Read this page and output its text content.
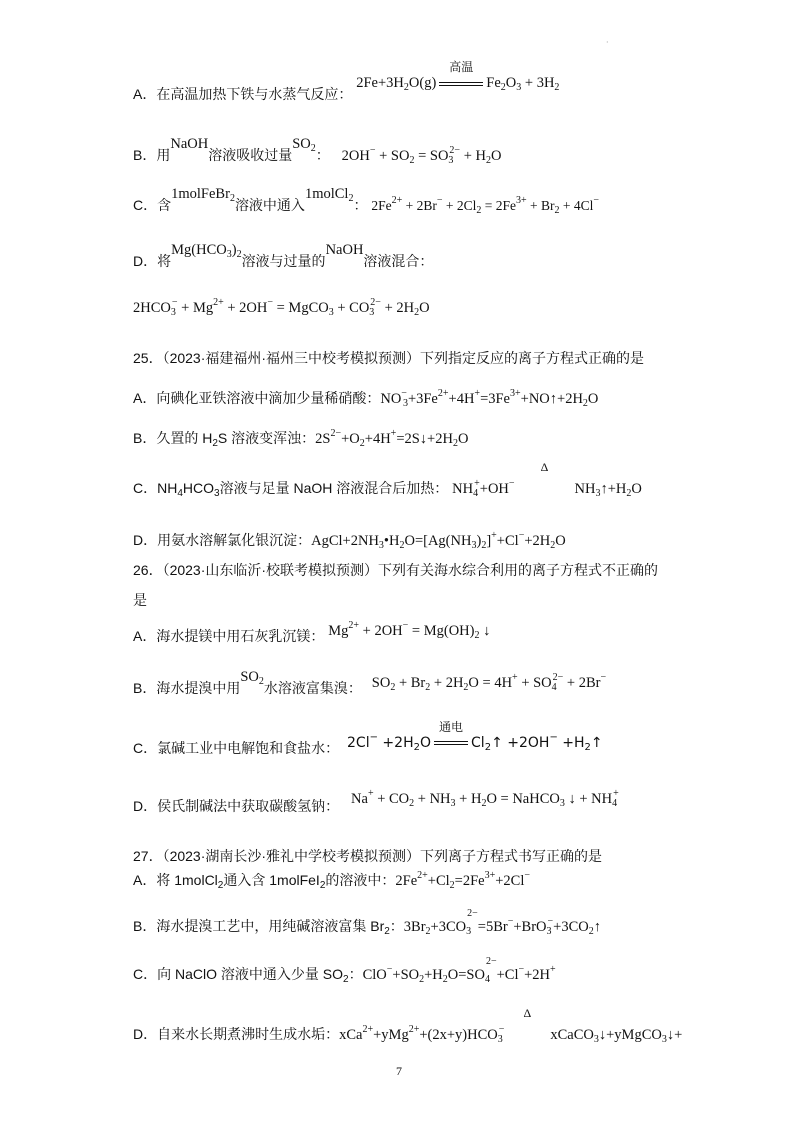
·
A．在高温加热下铁与水蒸气反应： $2Fe+3H_2O(g)$
高温
$Fe_2O_3 + 3H_2$
B．用NaOH溶液吸收过量$SO_2$： $2OH^- + SO_2 = SO_3^{2-} + H_2O$
C．含1molFeBr$_2$溶液中通入1molCl$_2$： $2Fe^{2+} + 2Br^- + 2Cl_2 = 2Fe^{3+} + Br_2 + 4Cl^-$
D．将$Mg(HCO_3)_2$溶液与过量的NaOH溶液混合：
$2HCO_3^- + Mg^{2+} + 2OH^-$ = MgCO$_3$ + $CO_3^{2-} + 2H_2O$
25．（2023·福建福州·福州三中校考模拟预测）下列指定反应的离子方程式正确的是
A．向碘化亚铁溶液中滴加少量稀硝酸：$NO^-_3+3Fe^{2+}+4H^+=3Fe^{3+}+NO↑+2H_2O$
B．久置的 $H_2S$ 溶液变浑浊：$2S^{2-}+O_2+4H^+=2S↓+2H_2O$
C．$NH_4HCO_3$溶液与足量 NaOH 溶液混合后加热： $NH_4^++OH^-$
Δ
$NH_3↑+H_2O$
D．用氨水溶解氯化银沉淀：$AgCl+2NH_3•H_2O=[Ag(NH_3)_2]^++Cl^-+2H_2O$
26．（2023·山东临沂·校联考模拟预测）下列有关海水综合利用的离子方程式不正确的
是
A．海水提镁中用石灰乳沉镁： $Mg^{2+} + 2OH^- = Mg(OH)_2$ ↓
B．海水提溴中用$SO_2$水溶液富集溴： $SO_2 + Br_2 + 2H_2O = 4H^+ + SO_4^{2-} + 2Br^-$
C．氯碱工业中电解饱和食盐水： $2Cl^- +2H_2O$
通电
$Cl_2↑ +2OH^-$ $+H_2↑$
D．侯氏制碱法中获取碳酸氢钠： $Na^+ + CO_2 + NH_3 + H_2O$ = NaHCO$_3$ ↓ + $NH_4^+$
27．（2023·湖南长沙·雅礼中学校考模拟预测）下列离子方程式书写正确的是
A．将 1molCl$_2$通入含 1molFeI$_2$的溶液中：$2Fe^{2+}+Cl_2=2Fe^{3+}+2Cl^-$
B．海水提溴工艺中，用纯碱溶液富集 $Br_2$：$3Br_2+3CO_3^{2-}=5Br^-+BrO_3^-+3CO_2↑$
C．向 NaClO 溶液中通入少量 $SO_2$：$ClO^-+SO_2+H_2O=SO_4^{2-}+Cl^-+2H^+$
D．自来水长期煮沸时生成水垢：$xCa^{2+}+yMg^{2+}+(2x+y)HCO_3^-$
Δ
xCaCO$_3$↓+yMgCO$_3$↓+
7
